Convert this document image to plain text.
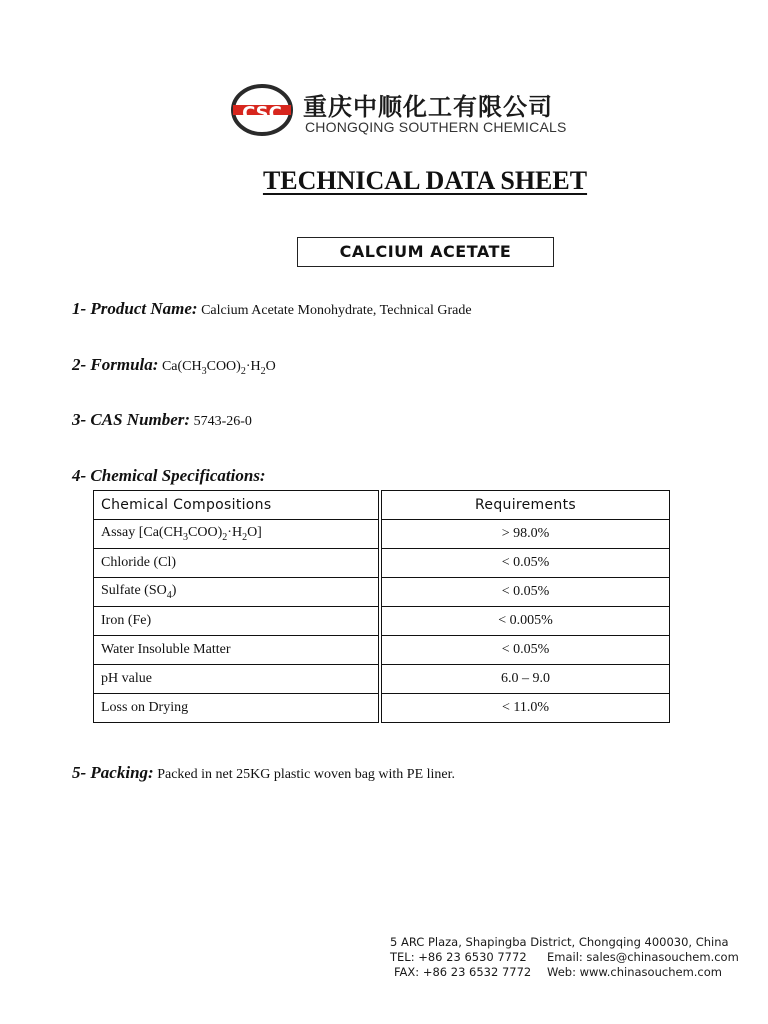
CSC 重庆中顺化工有限公司
CHONGQING SOUTHERN CHEMICALS
TECHNICAL DATA SHEET
CALCIUM ACETATE
1- Product Name: Calcium Acetate Monohydrate, Technical Grade
2- Formula: $Ca(CH_3COO)_2\cdot H_2O$
3- CAS Number: 5743-26-0
4- Chemical Specifications:
Chemical Compositions	Requirements
Assay $[Ca(CH_3COO)_2\cdot H_2O]$	> 98.0%
Chloride (Cl)	< 0.05%
Sulfate $(SO_4)$	< 0.05%
Iron (Fe)	< 0.005%
Water Insoluble Matter	< 0.05%
pH value	6.0 – 9.0
Loss on Drying	< 11.0%
5- Packing: Packed in net 25KG plastic woven bag with PE liner.
5 ARC Plaza, Shapingba District, Chongqing 400030, China
TEL: +86 23 6530 7772 Email: sales@chinasouchem.com
FAX: +86 23 6532 7772 Web: www.chinasouchem.com
